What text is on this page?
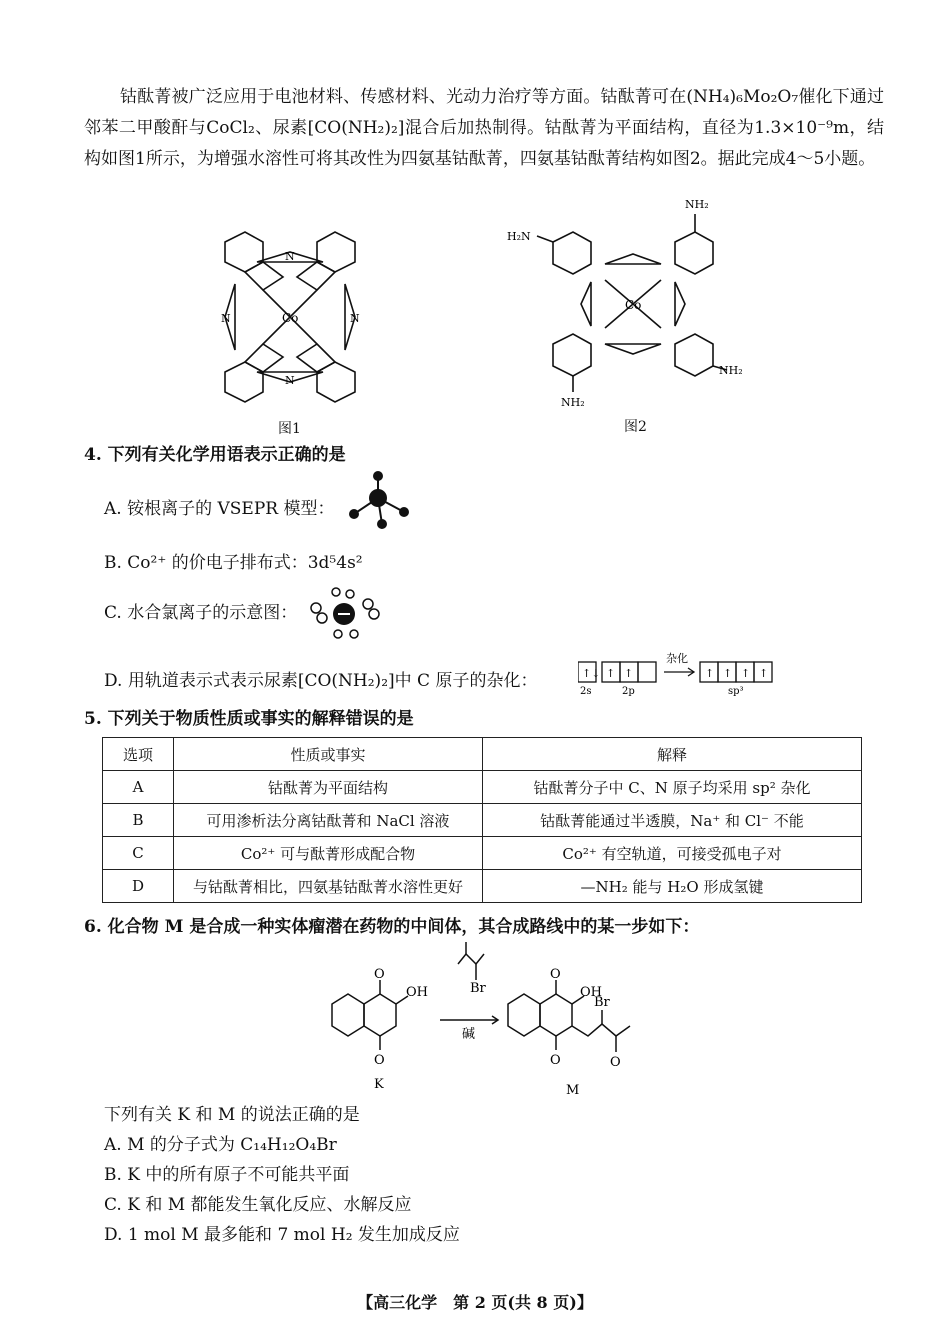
钴酞菁被广泛应用于电池材料、传感材料、光动力治疗等方面。钴酞菁可在(NH₄)₆Mo₂O₇催化下通过邻苯二甲酸酐与CoCl₂、尿素[CO(NH₂)₂]混合后加热制得。钴酞菁为平面结构，直径为1.3×10⁻⁹m，结构如图1所示，为增强水溶性可将其改性为四氨基钴酞菁，四氨基钴酞菁结构如图2。据此完成4～5小题。
Co
N
N
N	N
图1
Co
H₂N
NH₂
NH₂
NH₂
图2
4. 下列有关化学用语表示正确的是
A. 铵根离子的 VSEPR 模型：
B. Co²⁺ 的价电子排布式：3d⁵4s²
C. 水合氯离子的示意图：
D. 用轨道表示式表示尿素[CO(NH₂)₂]中 C 原子的杂化：	↑↓ ↑ ↑	↑ ↑ ↑ ↑
2s	2p
杂化
sp³
5. 下列关于物质性质或事实的解释错误的是
选项	性质或事实	解释
A	钴酞菁为平面结构	钴酞菁分子中 C、N 原子均采用 sp² 杂化
B	可用渗析法分离钴酞菁和 NaCl 溶液	钴酞菁能通过半透膜，Na⁺ 和 Cl⁻ 不能
C	Co²⁺ 可与酞菁形成配合物	Co²⁺ 有空轨道，可接受孤电子对
D	与钴酞菁相比，四氨基钴酞菁水溶性更好	—NH₂ 能与 H₂O 形成氢键
6. 化合物 M 是合成一种实体瘤潜在药物的中间体，其合成路线中的某一步如下：
O
O
OH	Br
碱
O
O
OH
Br
O
K	M
下列有关 K 和 M 的说法正确的是
A. M 的分子式为 C₁₄H₁₂O₄Br
B. K 中的所有原子不可能共平面
C. K 和 M 都能发生氧化反应、水解反应
D. 1 mol M 最多能和 7 mol H₂ 发生加成反应
【高三化学　第 2 页(共 8 页)】
